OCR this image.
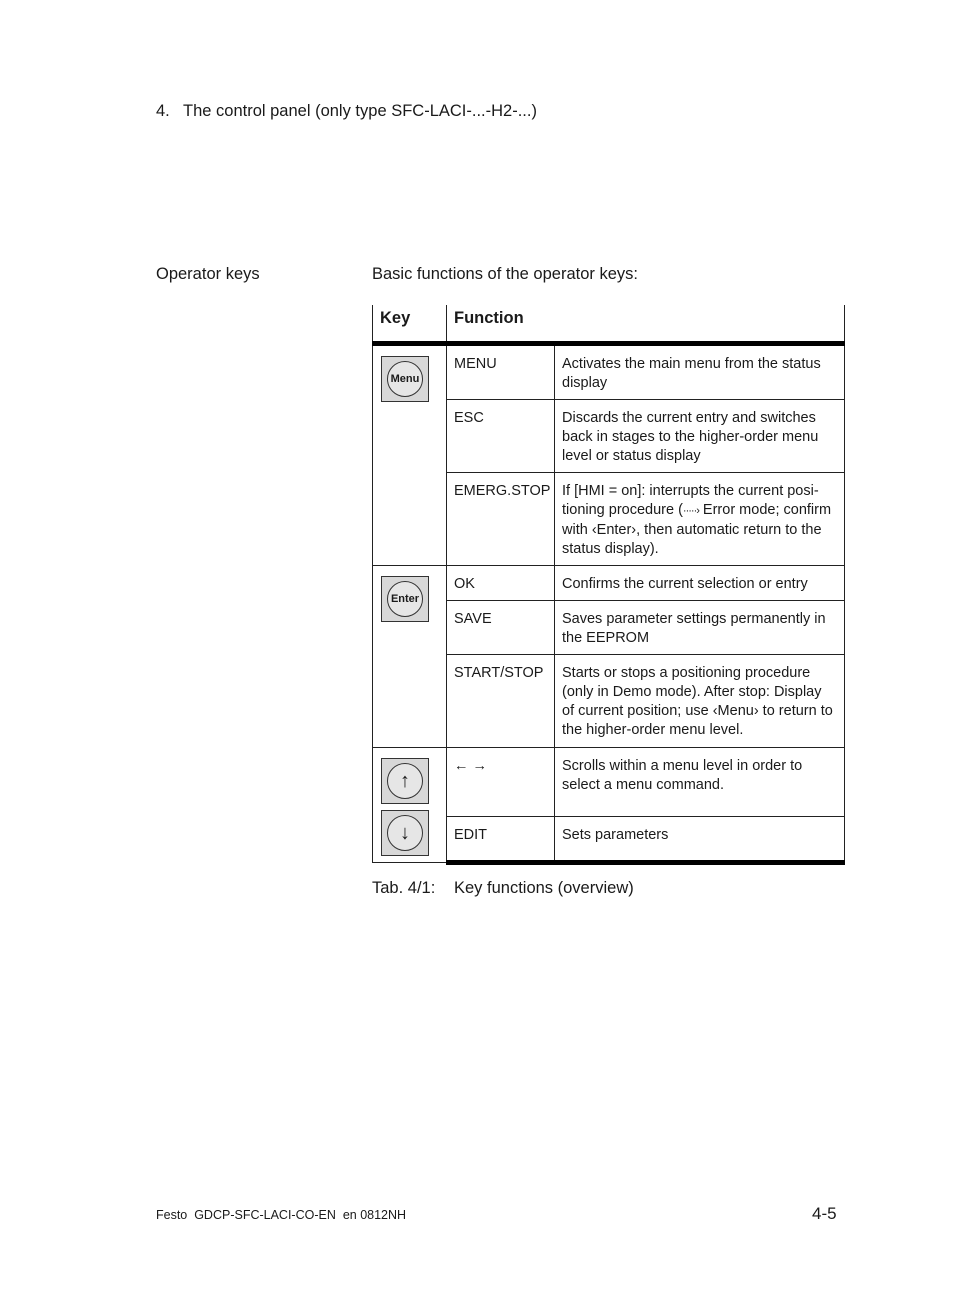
4. The control panel (only type SFC-LACI-...-H2-...)
Operator keys	Basic functions of the operator keys:
Key	Function	

Menu	MENU	Activates the main menu from the status display
	ESC	Discards the current entry and switches back in stages to the higher-order menu level or status display
	EMERG.STOP	If [HMI = on]: interrupts the current positioning procedure (·····› Error mode; confirm with ‹Enter›, then automatic return to the status display).

Enter	OK	Confirms the current selection or entry
	SAVE	Saves parameter settings permanently in the EEPROM
	START/STOP	Starts or stops a positioning procedure (only in Demo mode). After stop: Display of current position; use ‹Menu› to return to the higher-order menu level.

↑
↓	← →	Scrolls within a menu level in order to select a menu command.
	EDIT	Sets parameters
Tab. 4/1: Key functions (overview)
Festo  GDCP-SFC-LACI-CO-EN  en 0812NH	4-5
